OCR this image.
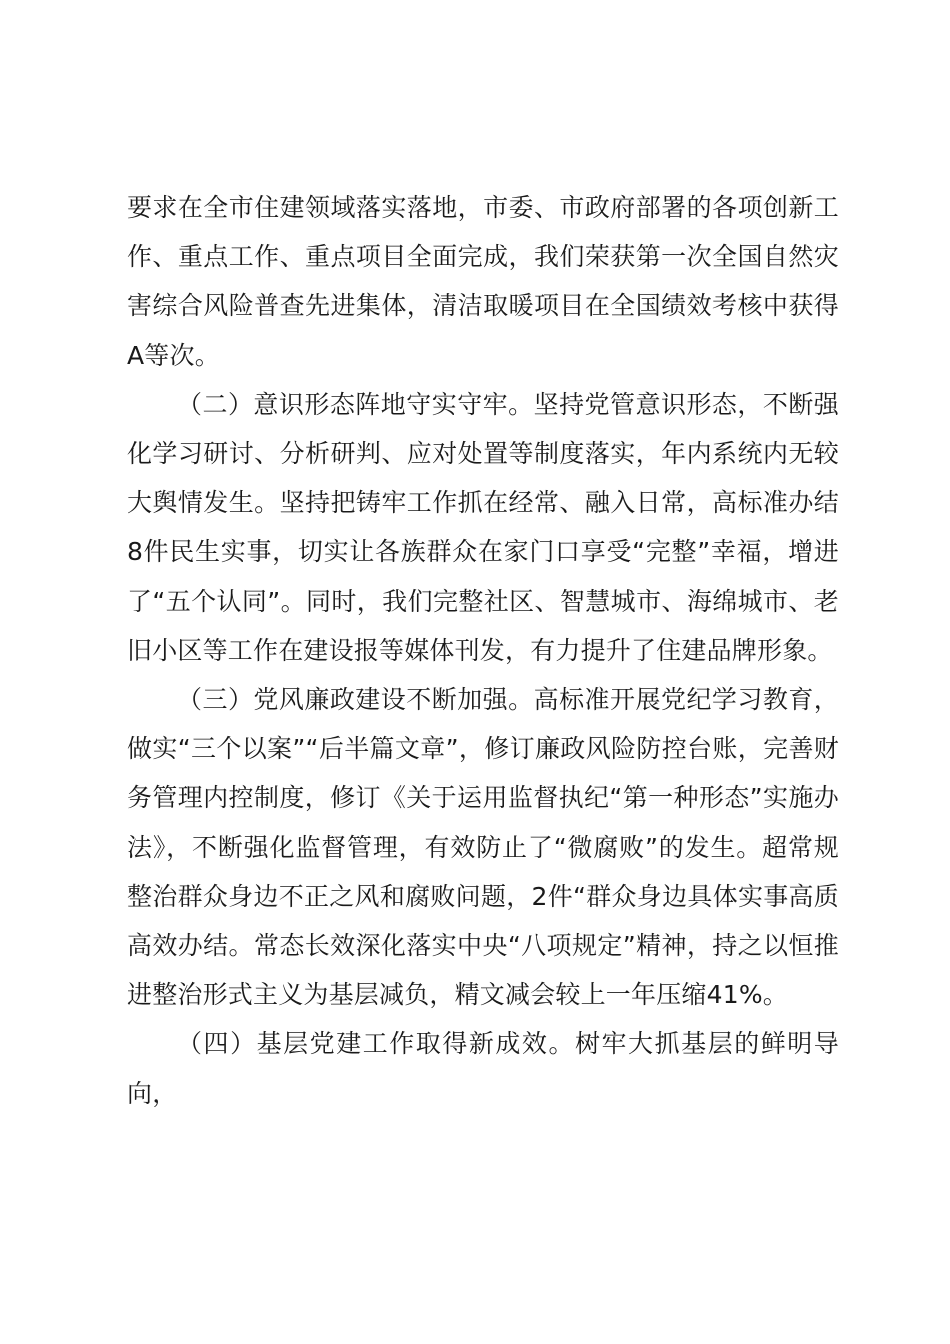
要求在全市住建领域落实落地，市委、市政府部署的各项创新工作、重点工作、重点项目全面完成，我们荣获第一次全国自然灾害综合风险普查先进集体，清洁取暖项目在全国绩效考核中获得A等次。

（二）意识形态阵地守实守牢。坚持党管意识形态，不断强化学习研讨、分析研判、应对处置等制度落实，年内系统内无较大舆情发生。坚持把铸牢工作抓在经常、融入日常，高标准办结8件民生实事，切实让各族群众在家门口享受“完整”幸福，增进了“五个认同”。同时，我们完整社区、智慧城市、海绵城市、老旧小区等工作在建设报等媒体刊发，有力提升了住建品牌形象。

（三）党风廉政建设不断加强。高标准开展党纪学习教育，做实“三个以案”“后半篇文章”，修订廉政风险防控台账，完善财务管理内控制度，修订《关于运用监督执纪“第一种形态”实施办法》，不断强化监督管理，有效防止了“微腐败”的发生。超常规整治群众身边不正之风和腐败问题，2件“群众身边具体实事高质高效办结。常态长效深化落实中央“八项规定”精神，持之以恒推进整治形式主义为基层减负，精文减会较上一年压缩41%。

（四）基层党建工作取得新成效。树牢大抓基层的鲜明导向，
